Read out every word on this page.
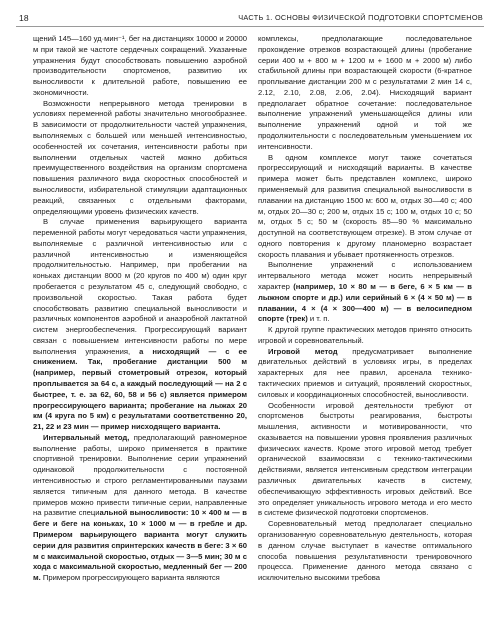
18	ЧАСТЬ 1. ОСНОВЫ ФИЗИЧЕСКОЙ ПОДГОТОВКИ СПОРТСМЕНОВ

щений 145—160 уд·мин⁻¹, бег на дистанциях 10000 и 20000 м при такой же частоте сердечных сокращений. Указанные упражнения будут способствовать повышению аэробной производительности спортсменов, развитию их выносливости к длительной работе, повышению ее экономичности.

Возможности непрерывного метода тренировки в условиях переменной работы значительно многообразнее. В зависимости от продолжительности частей упражнения, выполняемых с большей или меньшей интенсивностью, особенностей их сочетания, интенсивности работы при выполнении отдельных частей можно добиться преимущественного воздействия на организм спортсмена повышения различного вида скоростных способностей и выносливости, избирательной стимуляции адаптационных реакций, связанных с отдельными факторами, определяющими уровень физических качеств.

В случае применения варьирующего варианта переменной работы могут чередоваться части упражнения, выполняемые с различной интенсивностью или с различной интенсивностью и изменяющейся продолжительностью. Например, при пробегании на коньках дистанции 8000 м (20 кругов по 400 м) один круг пробегается с результатом 45 с, следующий свободно, с произвольной скоростью. Такая работа будет способствовать развитию специальной выносливости и различных компонентов аэробной и анаэробной лактатной систем энергообеспечения. Прогрессирующий вариант связан с повышением интенсивности работы по мере выполнения упражнения, а нисходящий — с ее снижением. Так, пробегание дистанции 500 м (например, первый стометровый отрезок, который проплывается за 64 с, а каждый последующий — на 2 с быстрее, т. е. за 62, 60, 58 и 56 с) является примером прогрессирующего варианта; пробегание на лыжах 20 км (4 круга по 5 км) с результатами соответственно 20, 21, 22 и 23 мин — пример нисходящего варианта.

Интервальный метод, предполагающий равномерное выполнение работы, широко применяется в практике спортивной тренировки. Выполнение серии упражнений одинаковой продолжительности с постоянной интенсивностью и строго регламентированными паузами является типичным для данного метода. В качестве примеров можно привести типичные серии, направленные на развитие специальной выносливости: 10 × 400 м — в беге и беге на коньках, 10 × 1000 м — в гребле и др. Примером варьирующего варианта могут служить серии для развития спринтерских качеств в беге: 3 × 60 м с максимальной скоростью, отдых — 3—5 мин; 30 м с хода с максимальной скоростью, медленный бег — 200 м. Примером прогрессирующего варианта являются

комплексы, предполагающие последовательное прохождение отрезков возрастающей длины (пробегание серии 400 м + 800 м + 1200 м + 1600 м + 2000 м) либо стабильной длины при возрастающей скорости (6-кратное проплывание дистанции 200 м с результатами 2 мин 14 с, 2.12, 2.10, 2.08, 2.06, 2.04). Нисходящий вариант предполагает обратное сочетание: последовательное выполнение упражнений уменьшающейся длины или выполнение упражнений одной и той же продолжительности с последовательным уменьшением их интенсивности.

В одном комплексе могут также сочетаться прогрессирующий и нисходящий варианты. В качестве примера может быть представлен комплекс, широко применяемый для развития специальной выносливости в плавании на дистанцию 1500 м: 600 м, отдых 30—40 с; 400 м, отдых 20—30 с; 200 м, отдых 15 с; 100 м, отдых 10 с; 50 м, отдых 5 с; 50 м (скорость 85—90 % максимально доступной на соответствующем отрезке). В этом случае от одного повторения к другому планомерно возрастает скорость плавания и убывает протяженность отрезков.

Выполнение упражнений с использованием интервального метода может носить непрерывный характер (например, 10 × 80 м — в беге, 6 × 5 км — в лыжном спорте и др.) или серийный 6 × (4 × 50 м) — в плавании, 4 × (4 × 300—400 м) — в велосипедном спорте (трек) и т. п.

К другой группе практических методов принято относить игровой и соревновательный.

Игровой метод предусматривает выполнение двигательных действий в условиях игры, в пределах характерных для нее правил, арсенала технико-тактических приемов и ситуаций, проявлений скоростных, силовых и координационных способностей, выносливости.

Особенности игровой деятельности требуют от спортсменов быстроты реагирования, быстроты мышления, активности и мотивированности, что сказывается на повышении уровня проявления различных физических качеств. Кроме этого игровой метод требует органической взаимосвязи с технико-тактическими действиями, является интенсивным средством интеграции различных двигательных качеств в систему, обеспечивающую эффективность игровых действий. Все это определяет уникальность игрового метода и его место в системе физической подготовки спортсменов.

Соревновательный метод предполагает специально организованную соревновательную деятельность, которая в данном случае выступает в качестве оптимального способа повышения результативности тренировочного процесса. Применение данного метода связано с исключительно высокими требова
